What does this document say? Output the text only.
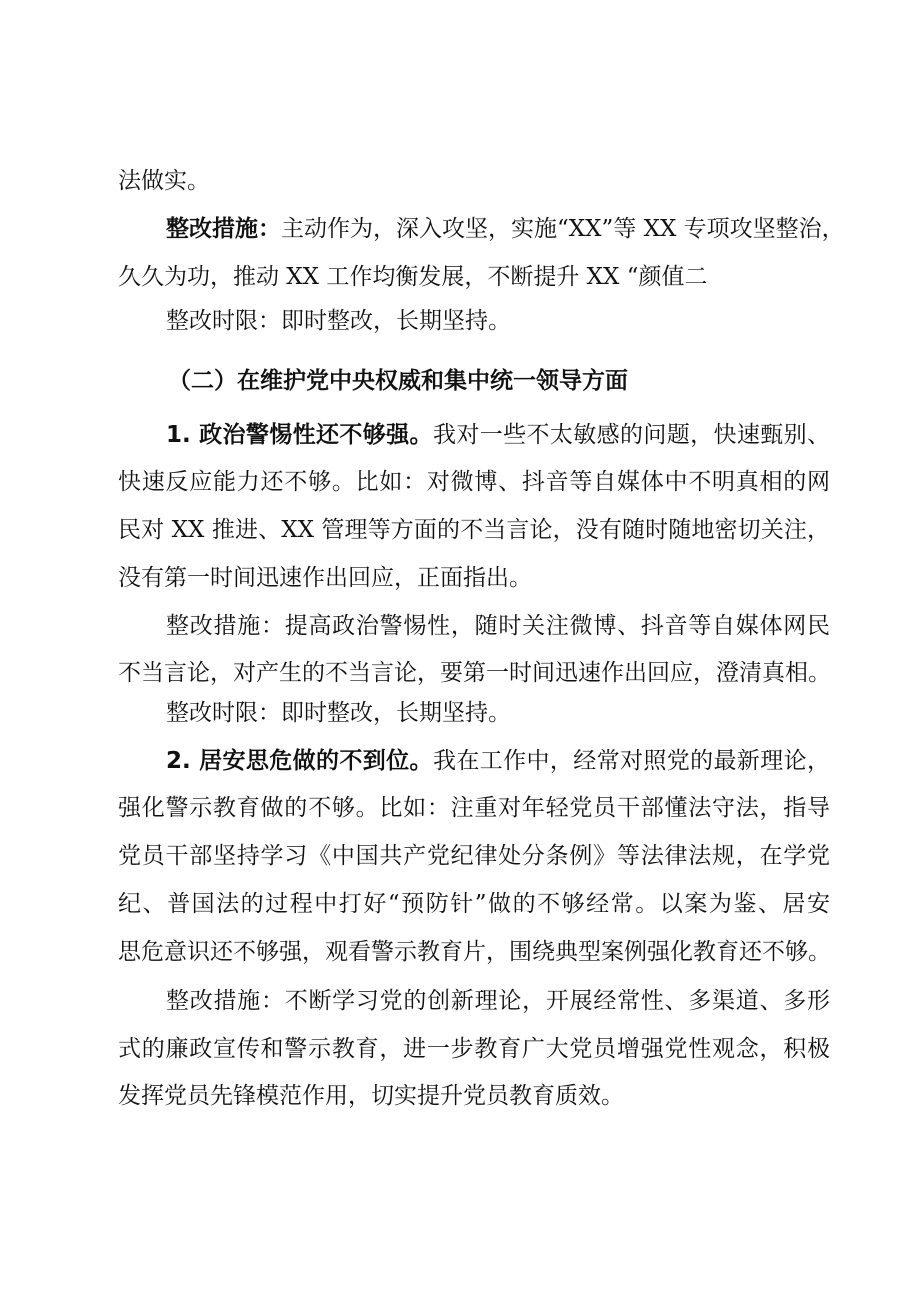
法做实。
整改措施：主动作为，深入攻坚，实施“XX”等 XX 专项攻坚整治，
久久为功，推动 XX 工作均衡发展，不断提升 XX “颜值二
整改时限：即时整改，长期坚持。
（二）在维护党中央权威和集中统一领导方面
1. 政治警惕性还不够强。我对一些不太敏感的问题，快速甄别、
快速反应能力还不够。比如：对微博、抖音等自媒体中不明真相的网
民对 XX 推进、XX 管理等方面的不当言论，没有随时随地密切关注，
没有第一时间迅速作出回应，正面指出。
整改措施：提高政治警惕性，随时关注微博、抖音等自媒体网民
不当言论，对产生的不当言论，要第一时间迅速作出回应，澄清真相。
整改时限：即时整改，长期坚持。
2. 居安思危做的不到位。我在工作中，经常对照党的最新理论，
强化警示教育做的不够。比如：注重对年轻党员干部懂法守法，指导
党员干部坚持学习《中国共产党纪律处分条例》等法律法规，在学党
纪、普国法的过程中打好“预防针”做的不够经常。以案为鉴、居安
思危意识还不够强，观看警示教育片，围绕典型案例强化教育还不够。
整改措施：不断学习党的创新理论，开展经常性、多渠道、多形
式的廉政宣传和警示教育，进一步教育广大党员增强党性观念，积极
发挥党员先锋模范作用，切实提升党员教育质效。
